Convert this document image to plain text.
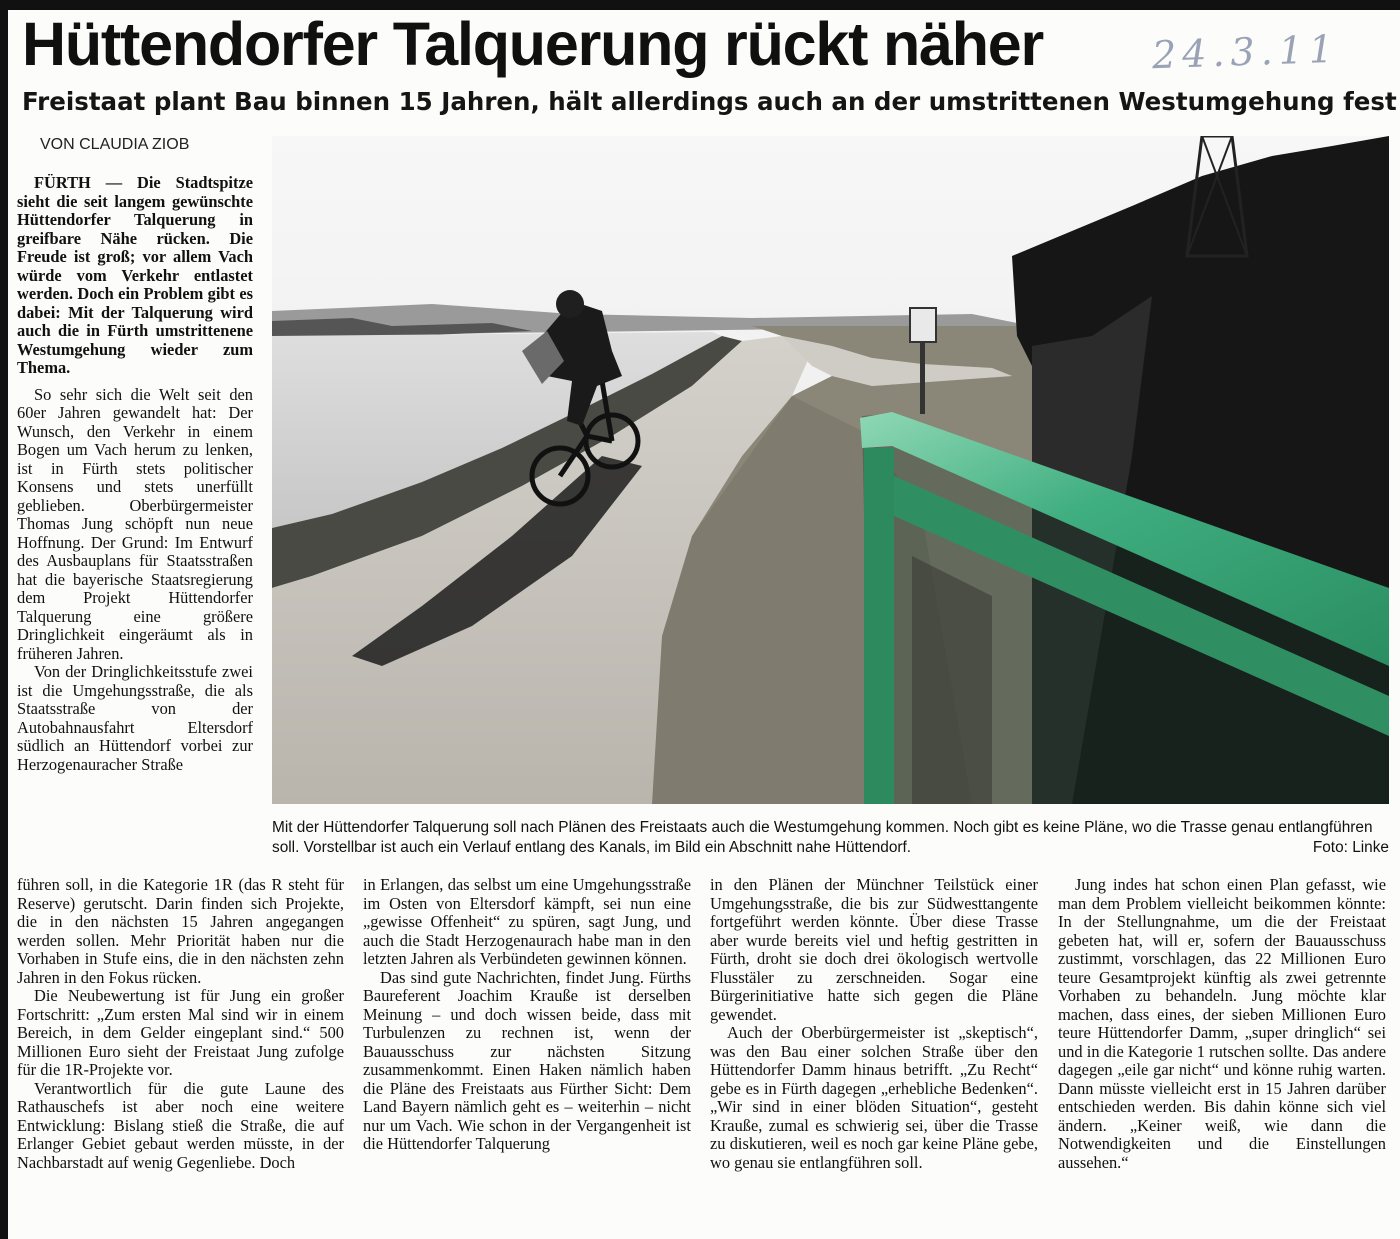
Hüttendorfer Talquerung rückt näher	24.3.11
Freistaat plant Bau binnen 15 Jahren, hält allerdings auch an der umstrittenen Westumgehung fest
VON CLAUDIA ZIOB

FÜRTH — Die Stadtspitze sieht die seit langem gewünschte Hüttendorfer Talquerung in greifbare Nähe rücken. Die Freude ist groß; vor allem Vach würde vom Verkehr entlastet werden. Doch ein Problem gibt es dabei: Mit der Talquerung wird auch die in Fürth umstrittenene Westumgehung wieder zum Thema.

So sehr sich die Welt seit den 60er Jahren gewandelt hat: Der Wunsch, den Verkehr in einem Bogen um Vach herum zu lenken, ist in Fürth stets politischer Konsens und stets unerfüllt geblieben. Oberbürgermeister Thomas Jung schöpft nun neue Hoffnung. Der Grund: Im Entwurf des Ausbauplans für Staatsstraßen hat die bayerische Staatsregierung dem Projekt Hüttendorfer Talquerung eine größere Dringlichkeit eingeräumt als in früheren Jahren.

Von der Dringlichkeitsstufe zwei ist die Umgehungsstraße, die als Staatsstraße von der Autobahnausfahrt Eltersdorf südlich an Hüttendorf vorbei zur Herzogenauracher Straße

führen soll, in die Kategorie 1R (das R steht für Reserve) gerutscht. Darin finden sich Projekte, die in den nächsten 15 Jahren angegangen werden sollen. Mehr Priorität haben nur die Vorhaben in Stufe eins, die in den nächsten zehn Jahren in den Fokus rücken.

Die Neubewertung ist für Jung ein großer Fortschritt: „Zum ersten Mal sind wir in einem Bereich, in dem Gelder eingeplant sind.“ 500 Millionen Euro sieht der Freistaat Jung zufolge für die 1R-Projekte vor.

Verantwortlich für die gute Laune des Rathauschefs ist aber noch eine weitere Entwicklung: Bislang stieß die Straße, die auf Erlanger Gebiet gebaut werden müsste, in der Nachbarstadt auf wenig Gegenliebe. Doch

in Erlangen, das selbst um eine Umgehungsstraße im Osten von Eltersdorf kämpft, sei nun eine „gewisse Offenheit“ zu spüren, sagt Jung, und auch die Stadt Herzogenaurach habe man in den letzten Jahren als Verbündeten gewinnen können.

Das sind gute Nachrichten, findet Jung. Fürths Baureferent Joachim Kraußе ist derselben Meinung – und doch wissen beide, dass mit Turbulenzen zu rechnen ist, wenn der Bauausschuss zur nächsten Sitzung zusammenkommt. Einen Haken nämlich haben die Pläne des Freistaats aus Fürther Sicht: Dem Land Bayern nämlich geht es – weiterhin – nicht nur um Vach. Wie schon in der Vergangenheit ist die Hüttendorfer Talquerung

in den Plänen der Münchner Teilstück einer Umgehungsstraße, die bis zur Südwesttangente fortgeführt werden könnte. Über diese Trasse aber wurde bereits viel und heftig gestritten in Fürth, droht sie doch drei ökologisch wertvolle Flusstäler zu zerschneiden. Sogar eine Bürgerinitiative hatte sich gegen die Pläne gewendet.

Auch der Oberbürgermeister ist „skeptisch“, was den Bau einer solchen Straße über den Hüttendorfer Damm hinaus betrifft. „Zu Recht“ gebe es in Fürth dagegen „erhebliche Bedenken“. „Wir sind in einer blöden Situation“, gesteht Krauße, zumal es schwierig sei, über die Trasse zu diskutieren, weil es noch gar keine Pläne gebe, wo genau sie entlangführen soll.

Jung indes hat schon einen Plan gefasst, wie man dem Problem vielleicht beikommen könnte: In der Stellungnahme, um die der Freistaat gebeten hat, will er, sofern der Bauausschuss zustimmt, vorschlagen, das 22 Millionen Euro teure Gesamtprojekt künftig als zwei getrennte Vorhaben zu behandeln. Jung möchte klar machen, dass eines, der sieben Millionen Euro teure Hüttendorfer Damm, „super dringlich“ sei und in die Kategorie 1 rutschen sollte. Das andere dagegen „eile gar nicht“ und könne ruhig warten. Dann müsste vielleicht erst in 15 Jahren darüber entschieden werden. Bis dahin könne sich viel ändern. „Keiner weiß, wie dann die Notwendigkeiten und die Einstellungen aussehen.“

Mit der Hüttendorfer Talquerung soll nach Plänen des Freistaats auch die Westumgehung kommen. Noch gibt es keine Pläne, wo die Trasse genau entlangführen soll. Vorstellbar ist auch ein Verlauf entlang des Kanals, im Bild ein Abschnitt nahe Hüttendorf.	Foto: Linke
